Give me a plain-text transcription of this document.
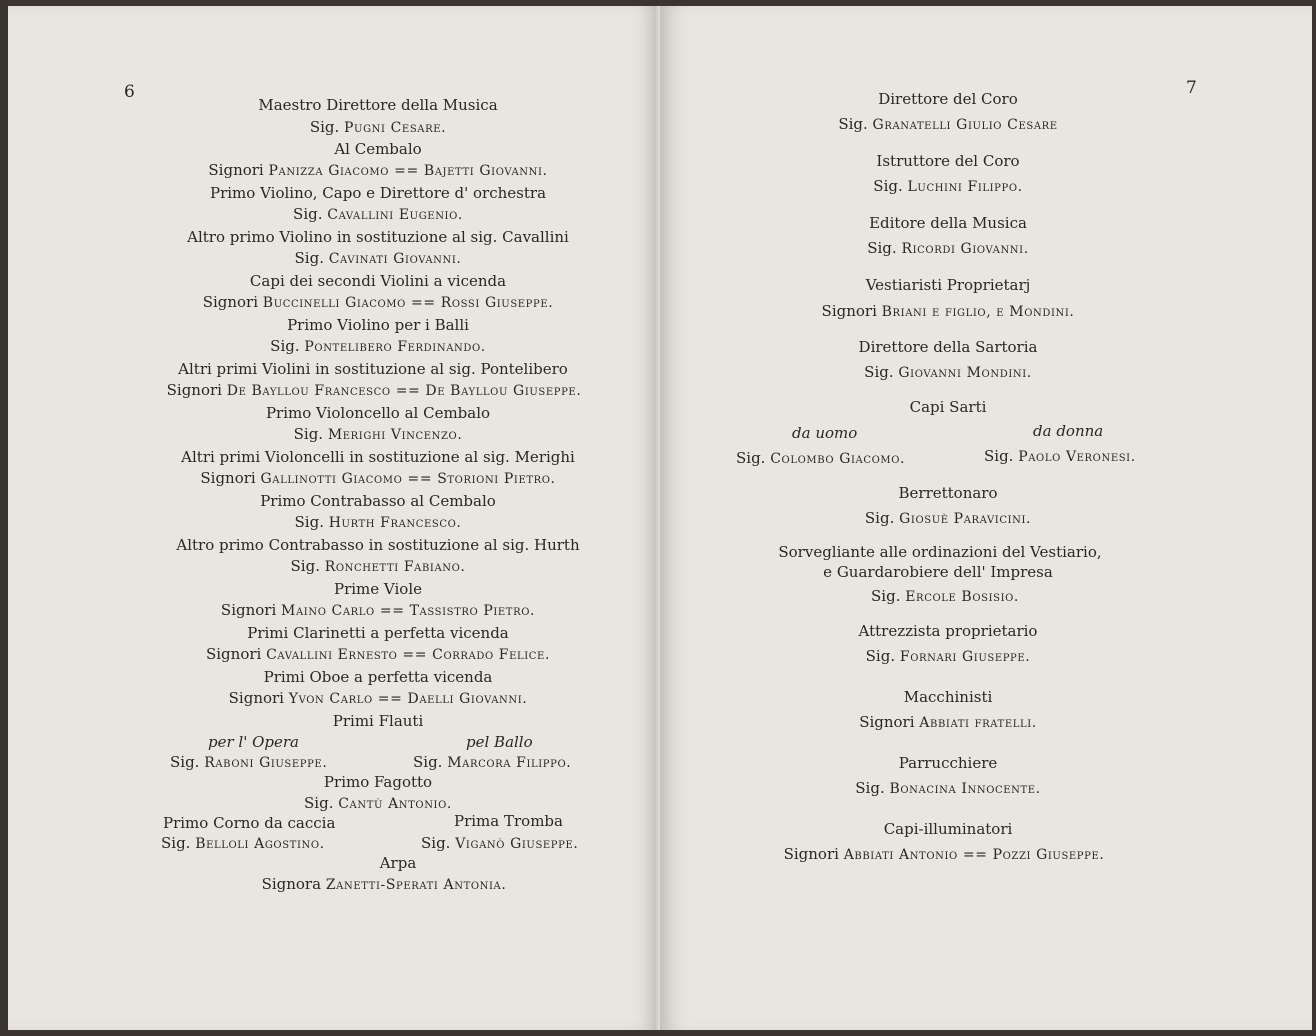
6
Maestro Direttore della Musica
Sig. Pugni Cesare.
Al Cembalo
Signori Panizza Giacomo == Bajetti Giovanni.
Primo Violino, Capo e Direttore d' orchestra
Sig. Cavallini Eugenio.
Altro primo Violino in sostituzione al sig. Cavallini
Sig. Cavinati Giovanni.
Capi dei secondi Violini a vicenda
Signori Buccinelli Giacomo == Rossi Giuseppe.
Primo Violino per i Balli
Sig. Pontelibero Ferdinando.
Altri primi Violini in sostituzione al sig. Pontelibero
Signori De Bayllou Francesco == De Bayllou Giuseppe.
Primo Violoncello al Cembalo
Sig. Merighi Vincenzo.
Altri primi Violoncelli in sostituzione al sig. Merighi
Signori Gallinotti Giacomo == Storioni Pietro.
Primo Contrabasso al Cembalo
Sig. Hurth Francesco.
Altro primo Contrabasso in sostituzione al sig. Hurth
Sig. Ronchetti Fabiano.
Prime Viole
Signori Maino Carlo == Tassistro Pietro.
Primi Clarinetti a perfetta vicenda
Signori Cavallini Ernesto == Corrado Felice.
Primi Oboe a perfetta vicenda
Signori Yvon Carlo == Daelli Giovanni.
Primi Flauti
per l' Opera	pel Ballo
Sig. Raboni Giuseppe.	Sig. Marcora Filippo.
Primo Fagotto
Sig. Cantù Antonio.
Primo Corno da caccia	Prima Tromba
Sig. Belloli Agostino.	Sig. Viganò Giuseppe.
Arpa
Signora Zanetti-Sperati Antonia.
7
Direttore del Coro
Sig. Granatelli Giulio Cesare
Istruttore del Coro
Sig. Luchini Filippo.
Editore della Musica
Sig. Ricordi Giovanni.
Vestiaristi Proprietarj
Signori Briani e figlio, e Mondini.
Direttore della Sartoria
Sig. Giovanni Mondini.
Capi Sarti
da uomo	da donna
Sig. Colombo Giacomo.	Sig. Paolo Veronesi.
Berrettonaro
Sig. Giosuè Paravicini.
Sorvegliante alle ordinazioni del Vestiario,
e Guardarobiere dell' Impresa
Sig. Ercole Bosisio.
Attrezzista proprietario
Sig. Fornari Giuseppe.
Macchinisti
Signori Abbiati fratelli.
Parrucchiere
Sig. Bonacina Innocente.
Capi-illuminatori
Signori Abbiati Antonio == Pozzi Giuseppe.
